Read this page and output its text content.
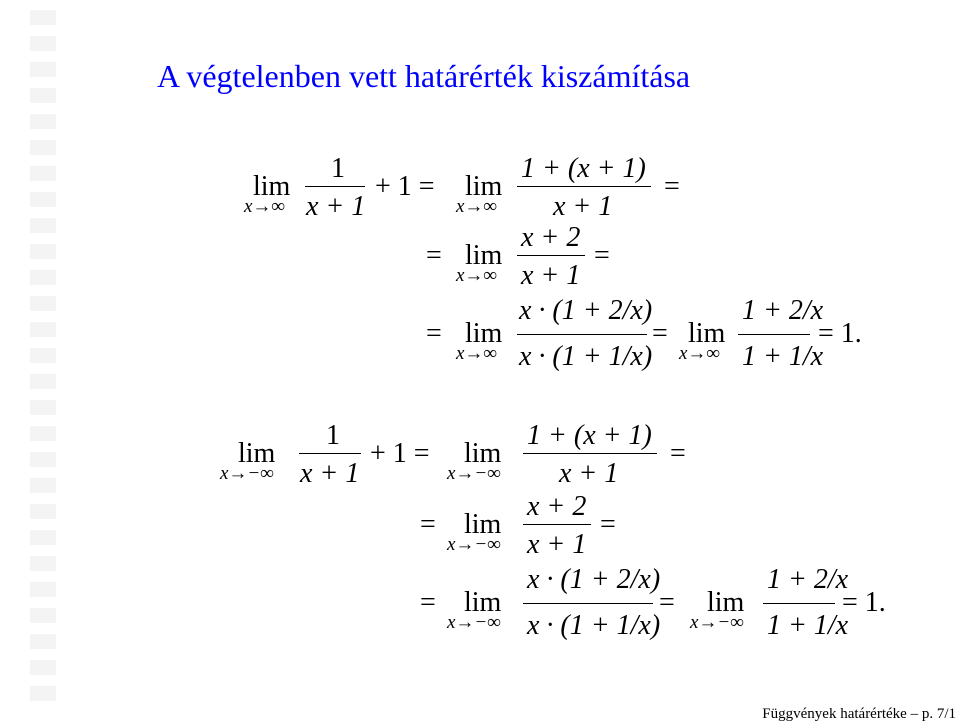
A végtelenben vett határérték kiszámítása
lim
x→∞
1
x + 1
+ 1 = lim
x→∞
1 + (x + 1)
x + 1
=
= lim
x→∞
x + 2
x + 1
=
= lim
x→∞
x · (1 + 2/x)
x · (1 + 1/x)
= lim
x→∞
1 + 2/x
1 + 1/x
= 1.
lim
x→−∞
1
x + 1
+ 1 = lim
x→−∞
1 + (x + 1)
x + 1
=
= lim
x→−∞
x + 2
x + 1
=
= lim
x→−∞
x · (1 + 2/x)
x · (1 + 1/x)
= lim
x→−∞
1 + 2/x
1 + 1/x
= 1.
Függvények határértéke – p. 7/1
